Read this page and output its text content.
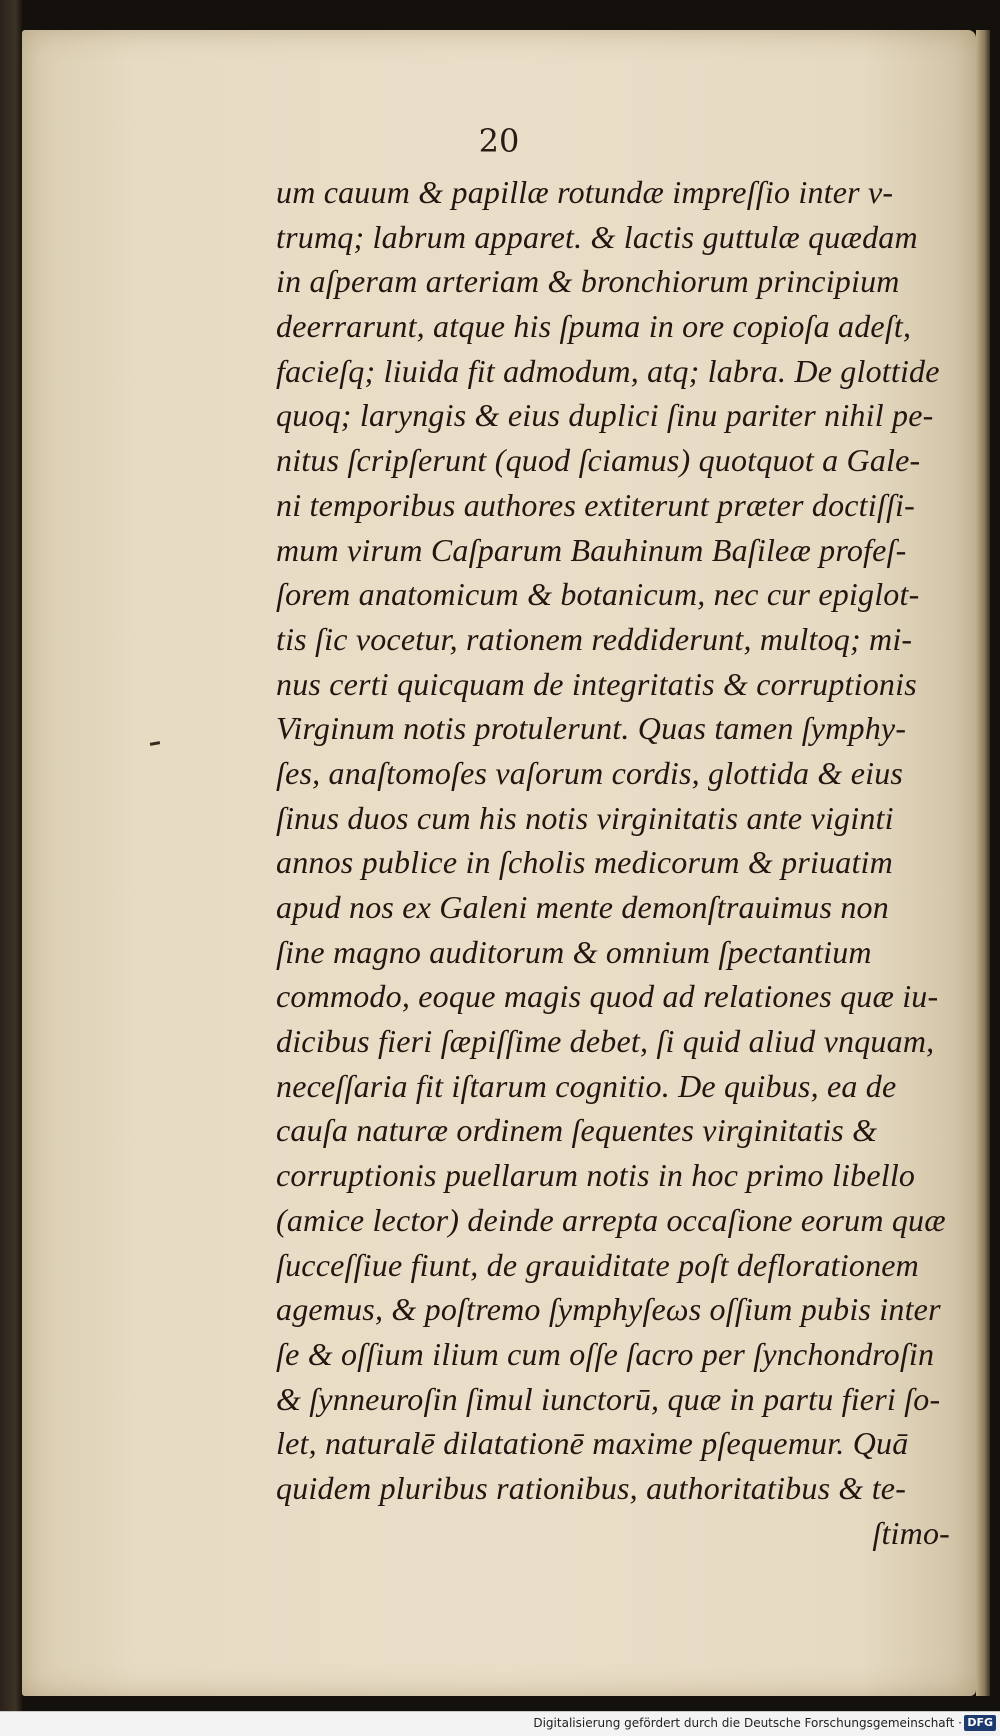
20
um cauum & papillæ rotundæ impreſſio inter v-
trumq; labrum apparet. & lactis guttulæ quædam
in aſperam arteriam & bronchiorum principium
deerrarunt, atque his ſpuma in ore copioſa adeſt,
facieſq; liuida fit admodum, atq; labra. De glottide
quoq; laryngis & eius duplici ſinu pariter nihil pe-
nitus ſcripſerunt (quod ſciamus) quotquot a Gale-
ni temporibus authores extiterunt præter doctiſſi-
mum virum Caſparum Bauhinum Baſileæ profeſ-
ſorem anatomicum & botanicum, nec cur epiglot-
tis ſic vocetur, rationem reddiderunt, multoq; mi-
nus certi quicquam de integritatis & corruptionis
Virginum notis protulerunt. Quas tamen ſymphy-
ſes, anaſtomoſes vaſorum cordis, glottida & eius
ſinus duos cum his notis virginitatis ante viginti
annos publice in ſcholis medicorum & priuatim
apud nos ex Galeni mente demonſtrauimus non
ſine magno auditorum & omnium ſpectantium
commodo, eoque magis quod ad relationes quæ iu-
dicibus fieri ſæpiſſime debet, ſi quid aliud vnquam,
neceſſaria fit iſtarum cognitio. De quibus, ea de
cauſa naturæ ordinem ſequentes virginitatis &
corruptionis puellarum notis in hoc primo libello
(amice lector) deinde arrepta occaſione eorum quæ
ſucceſſiue fiunt, de grauiditate poſt deflorationem
agemus, & poſtremo ſymphyſeωs oſſium pubis inter
ſe & oſſium ilium cum oſſe ſacro per ſynchondroſin
& ſynneuroſin ſimul iunctorū, quæ in partu fieri ſo-
let, naturalē dilatationē maxime pſequemur. Quā
quidem pluribus rationibus, authoritatibus & te-
ſtimo-
Digitalisierung gefördert durch die Deutsche Forschungsgemeinschaft · DFG
